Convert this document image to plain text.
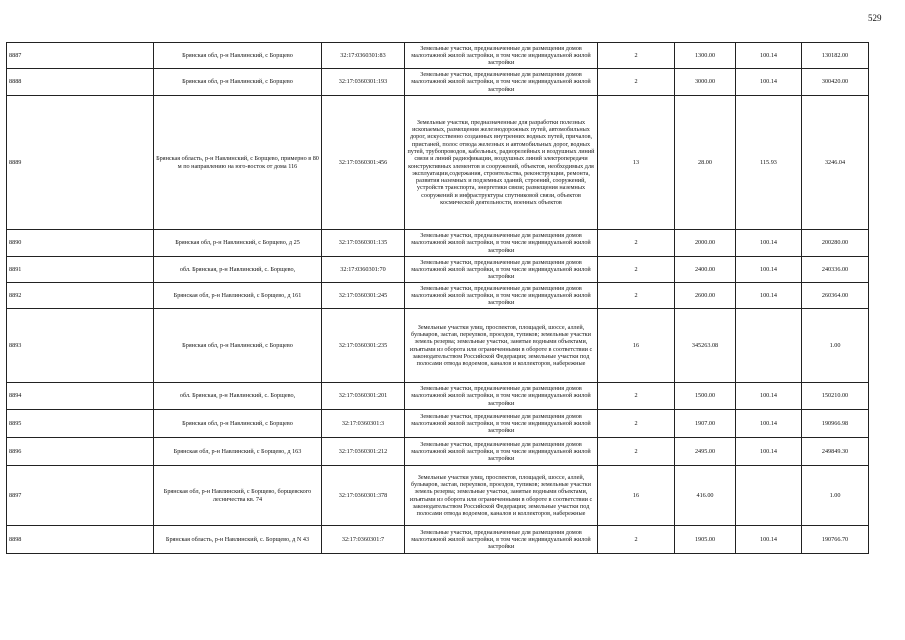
529
8887	Брянская обл, р-н Навлинский, с Борщево	32:17:0360301:83	Земельные участки, предназначенные для размещения домов малоэтажной жилой застройки, в том числе индивидуальной жилой застройки	2	1300.00	100.14	130182.00
8888	Брянская обл, р-н Навлинский, с Борщево	32:17:0360301:193	Земельные участки, предназначенные для размещения домов малоэтажной жилой застройки, в том числе индивидуальной жилой застройки	2	3000.00	100.14	300420.00
8889	Брянская область, р-н Навлинский, с Борщево, примерно в 80 м по направлению на юго-восток от дома 116	32:17:0360301:456	Земельные участки, предназначенные для разработки полезных ископаемых, размещения железнодорожных путей, автомобильных дорог, искусственно созданных внутренних водных путей, причалов, пристаней, полос отвода железных и автомобильных дорог, водных путей, трубопроводов, кабельных, радиорелейных и воздушных линий связи и линий радиофикации, воздушных линий электропередачи конструктивных элементов и сооружений, объектов, необходимых для эксплуатации,содержания, строительства, реконструкции, ремонта, развития наземных и подземных зданий, строений, сооружений, устройств транспорта, энергетики связи; размещения наземных сооружений и инфраструктуры спутниковой связи, объектов космической деятельности, военных объектов	13	28.00	115.93	3246.04
8890	Брянская обл, р-н Навлинский, с Борщево, д 25	32:17:0360301:135	Земельные участки, предназначенные для размещения домов малоэтажной жилой застройки, в том числе индивидуальной жилой застройки	2	2000.00	100.14	200280.00
8891	обл. Брянская, р-н Навлинский, с. Борщево,	32:17:0360301:70	Земельные участки, предназначенные для размещения домов малоэтажной жилой застройки, в том числе индивидуальной жилой застройки	2	2400.00	100.14	240336.00
8892	Брянская обл, р-н Навлинский, с Борщево, д 161	32:17:0360301:245	Земельные участки, предназначенные для размещения домов малоэтажной жилой застройки, в том числе индивидуальной жилой застройки	2	2600.00	100.14	260364.00
8893	Брянская обл, р-н Навлинский, с Борщево	32:17:0360301:235	Земельные участки улиц, проспектов, площадей, шоссе, аллей, бульваров, застав, переулков, проездов, тупиков; земельные участки земель резерва; земельные участки, занятые водными объектами, изъятыми из оборота или ограниченными в обороте в соответствии с законодательством Российской Федерации; земельные участки под полосами отвода водоемов, каналов и коллекторов, набережные	16	345263.08		1.00
8894	обл. Брянская, р-н Навлинский, с. Борщево,	32:17:0360301:201	Земельные участки, предназначенные для размещения домов малоэтажной жилой застройки, в том числе индивидуальной жилой застройки	2	1500.00	100.14	150210.00
8895	Брянская обл, р-н Навлинский, с Борщево	32:17:0360301:3	Земельные участки, предназначенные для размещения домов малоэтажной жилой застройки, в том числе индивидуальной жилой застройки	2	1907.00	100.14	190966.98
8896	Брянская обл, р-н Навлинский, с Борщево, д 163	32:17:0360301:212	Земельные участки, предназначенные для размещения домов малоэтажной жилой застройки, в том числе индивидуальной жилой застройки	2	2495.00	100.14	249849.30
8897	Брянская обл, р-н Навлинский, с Борщево, борщевского лесничества кв. 74	32:17:0360301:378	Земельные участки улиц, проспектов, площадей, шоссе, аллей, бульваров, застав, переулков, проездов, тупиков; земельные участки земель резерва; земельные участки, занятые водными объектами, изъятыми из оборота или ограниченными в обороте в соответствии с законодательством Российской Федерации; земельные участки под полосами отвода водоемов, каналов и коллекторов, набережные	16	416.00		1.00
8898	Брянская область, р-н Навлинский, с. Борщево, д N 43	32:17:0360301:7	Земельные участки, предназначенные для размещения домов малоэтажной жилой застройки, в том числе индивидуальной жилой застройки	2	1905.00	100.14	190766.70
